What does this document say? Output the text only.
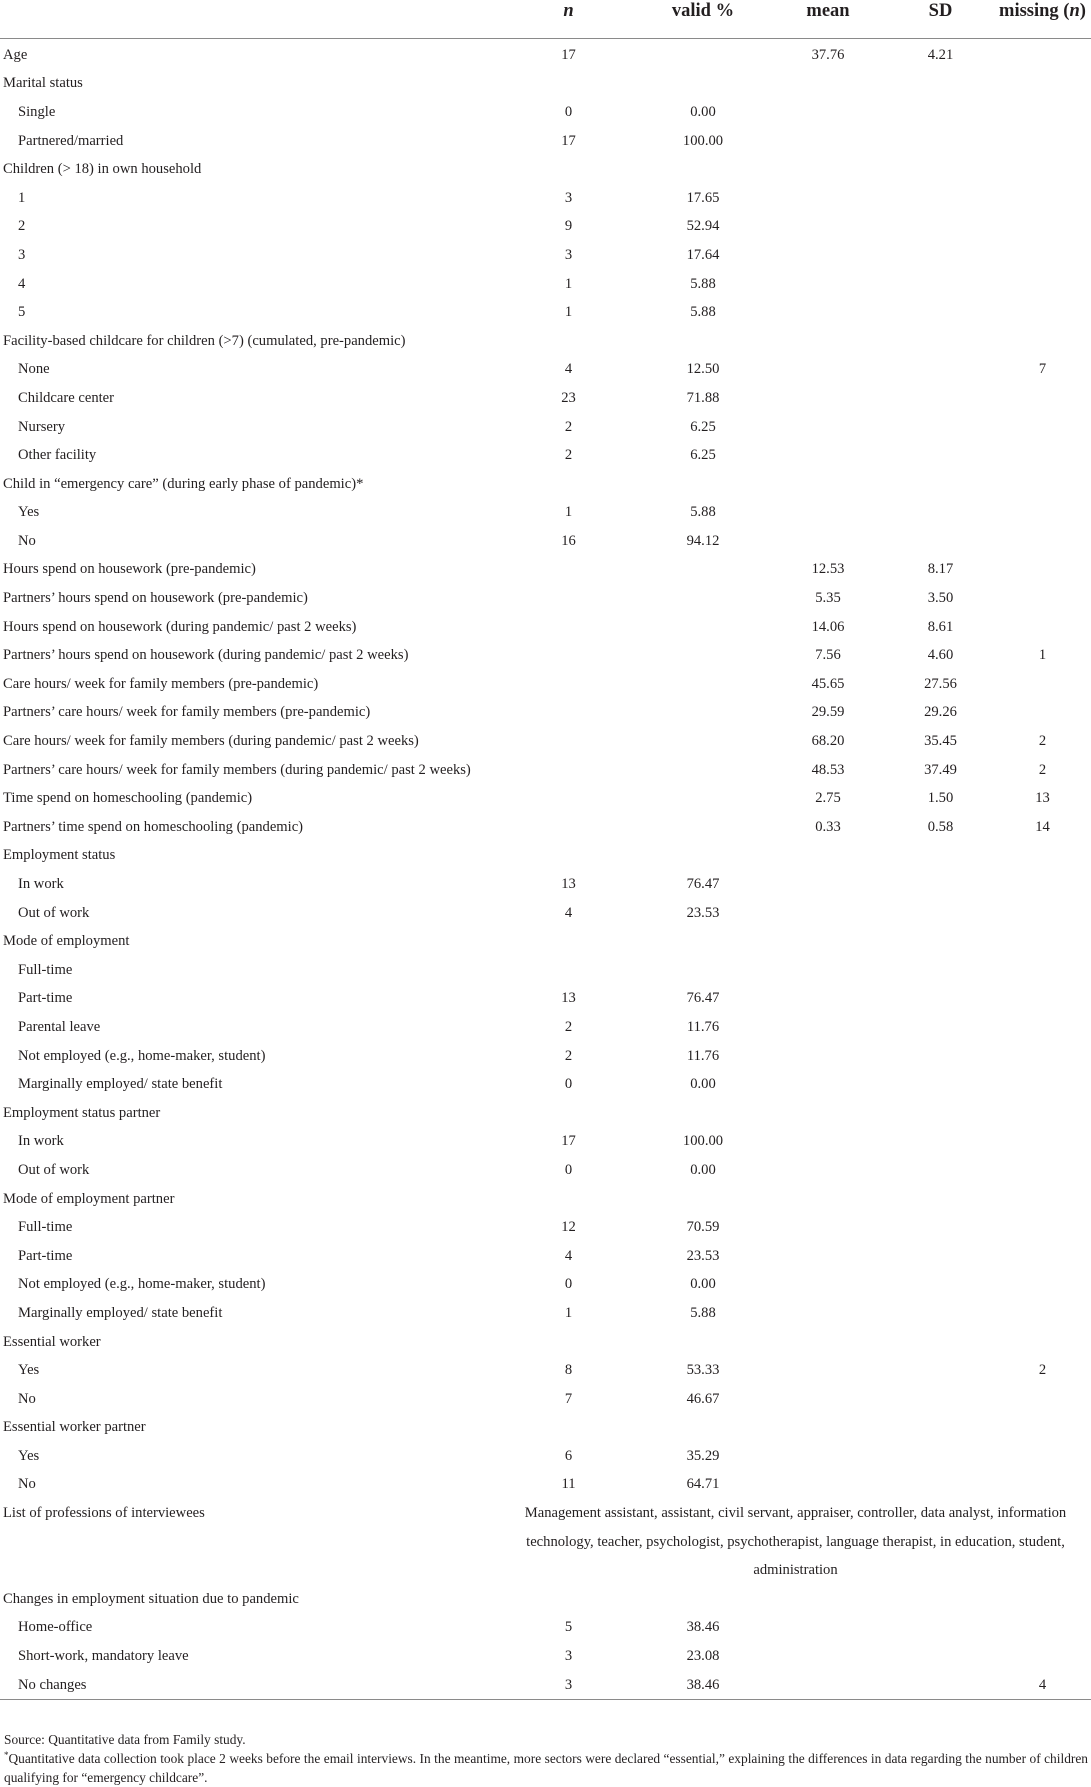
	n	valid %	mean	SD	missing (n)
Age	17		37.76	4.21	
Marital status					
Single	0	0.00			
Partnered/married	17	100.00			
Children (> 18) in own household					
1	3	17.65			
2	9	52.94			
3	3	17.64			
4	1	5.88			
5	1	5.88			
Facility-based childcare for children (>7) (cumulated, pre-pandemic)					
None	4	12.50			7
Childcare center	23	71.88			
Nursery	2	6.25			
Other facility	2	6.25			
Child in “emergency care” (during early phase of pandemic)*					
Yes	1	5.88			
No	16	94.12			
Hours spend on housework (pre-pandemic)			12.53	8.17	
Partners’ hours spend on housework (pre-pandemic)			5.35	3.50	
Hours spend on housework (during pandemic/ past 2 weeks)			14.06	8.61	
Partners’ hours spend on housework (during pandemic/ past 2 weeks)			7.56	4.60	1
Care hours/ week for family members (pre-pandemic)			45.65	27.56	
Partners’ care hours/ week for family members (pre-pandemic)			29.59	29.26	
Care hours/ week for family members (during pandemic/ past 2 weeks)			68.20	35.45	2
Partners’ care hours/ week for family members (during pandemic/ past 2 weeks)			48.53	37.49	2
Time spend on homeschooling (pandemic)			2.75	1.50	13
Partners’ time spend on homeschooling (pandemic)			0.33	0.58	14
Employment status					
In work	13	76.47			
Out of work	4	23.53			
Mode of employment					
Full-time					
Part-time	13	76.47			
Parental leave	2	11.76			
Not employed (e.g., home-maker, student)	2	11.76			
Marginally employed/ state benefit	0	0.00			
Employment status partner					
In work	17	100.00			
Out of work	0	0.00			
Mode of employment partner					
Full-time	12	70.59			
Part-time	4	23.53			
Not employed (e.g., home-maker, student)	0	0.00			
Marginally employed/ state benefit	1	5.88			
Essential worker					
Yes	8	53.33			2
No	7	46.67			
Essential worker partner					
Yes	6	35.29			
No	11	64.71			
List of professions of interviewees	Management assistant, assistant, civil servant, appraiser, controller, data analyst, information technology, teacher, psychologist, psychotherapist, language therapist, in education, student, administration				
Changes in employment situation due to pandemic					
Home-office	5	38.46			
Short-work, mandatory leave	3	23.08			
No changes	3	38.46			4

Source: Quantitative data from Family study.

*Quantitative data collection took place 2 weeks before the email interviews. In the meantime, more sectors were declared “essential,” explaining the differences in data regarding the number of children qualifying for “emergency childcare”.
